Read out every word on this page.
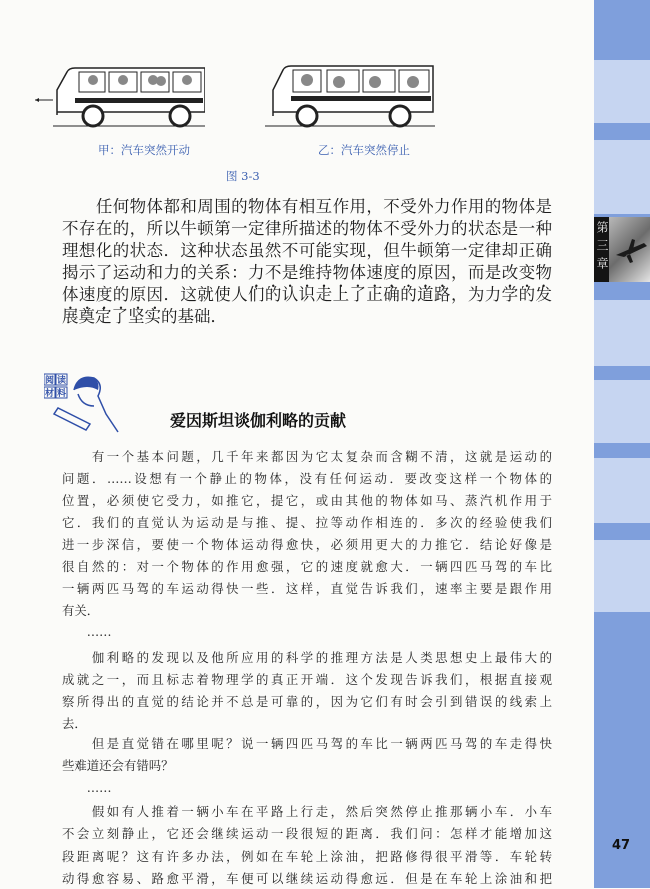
第三章
47
甲：汽车突然开动	乙：汽车突然停止
图 3-3
　　任何物体都和周围的物体有相互作用，不受外力作用的物体是
不存在的，所以牛顿第一定律所描述的物体不受外力的状态是一种
理想化的状态．这种状态虽然不可能实现，但牛顿第一定律却正确
揭示了运动和力的关系：力不是维持物体速度的原因，而是改变物
体速度的原因．这就使人们的认识走上了正确的道路，为力学的发
展奠定了坚实的基础．
阅 读
材 料
爱因斯坦谈伽利略的贡献
　　有一个基本问题，几千年来都因为它太复杂而含糊不清，这就是运动的
问题．……设想有一个静止的物体，没有任何运动．要改变这样一个物体的
位置，必须使它受力，如推它，提它，或由其他的物体如马、蒸汽机作用于
它．我们的直觉认为运动是与推、提、拉等动作相连的．多次的经验使我们
进一步深信，要使一个物体运动得愈快，必须用更大的力推它．结论好像是
很自然的：对一个物体的作用愈强，它的速度就愈大．一辆四匹马驾的车比
一辆两匹马驾的车运动得快一些．这样，直觉告诉我们，速率主要是跟作用
有关．
　　……
　　伽利略的发现以及他所应用的科学的推理方法是人类思想史上最伟大的
成就之一，而且标志着物理学的真正开端．这个发现告诉我们，根据直接观
察所得出的直觉的结论并不总是可靠的，因为它们有时会引到错误的线索上
去．
　　但是直觉错在哪里呢？说一辆四匹马驾的车比一辆两匹马驾的车走得快
些难道还会有错吗？
　　……
　　假如有人推着一辆小车在平路上行走，然后突然停止推那辆小车．小车
不会立刻静止，它还会继续运动一段很短的距离．我们问：怎样才能增加这
段距离呢？这有许多办法，例如在车轮上涂油，把路修得很平滑等．车轮转
动得愈容易、路愈平滑，车便可以继续运动得愈远．但是在车轮上涂油和把
